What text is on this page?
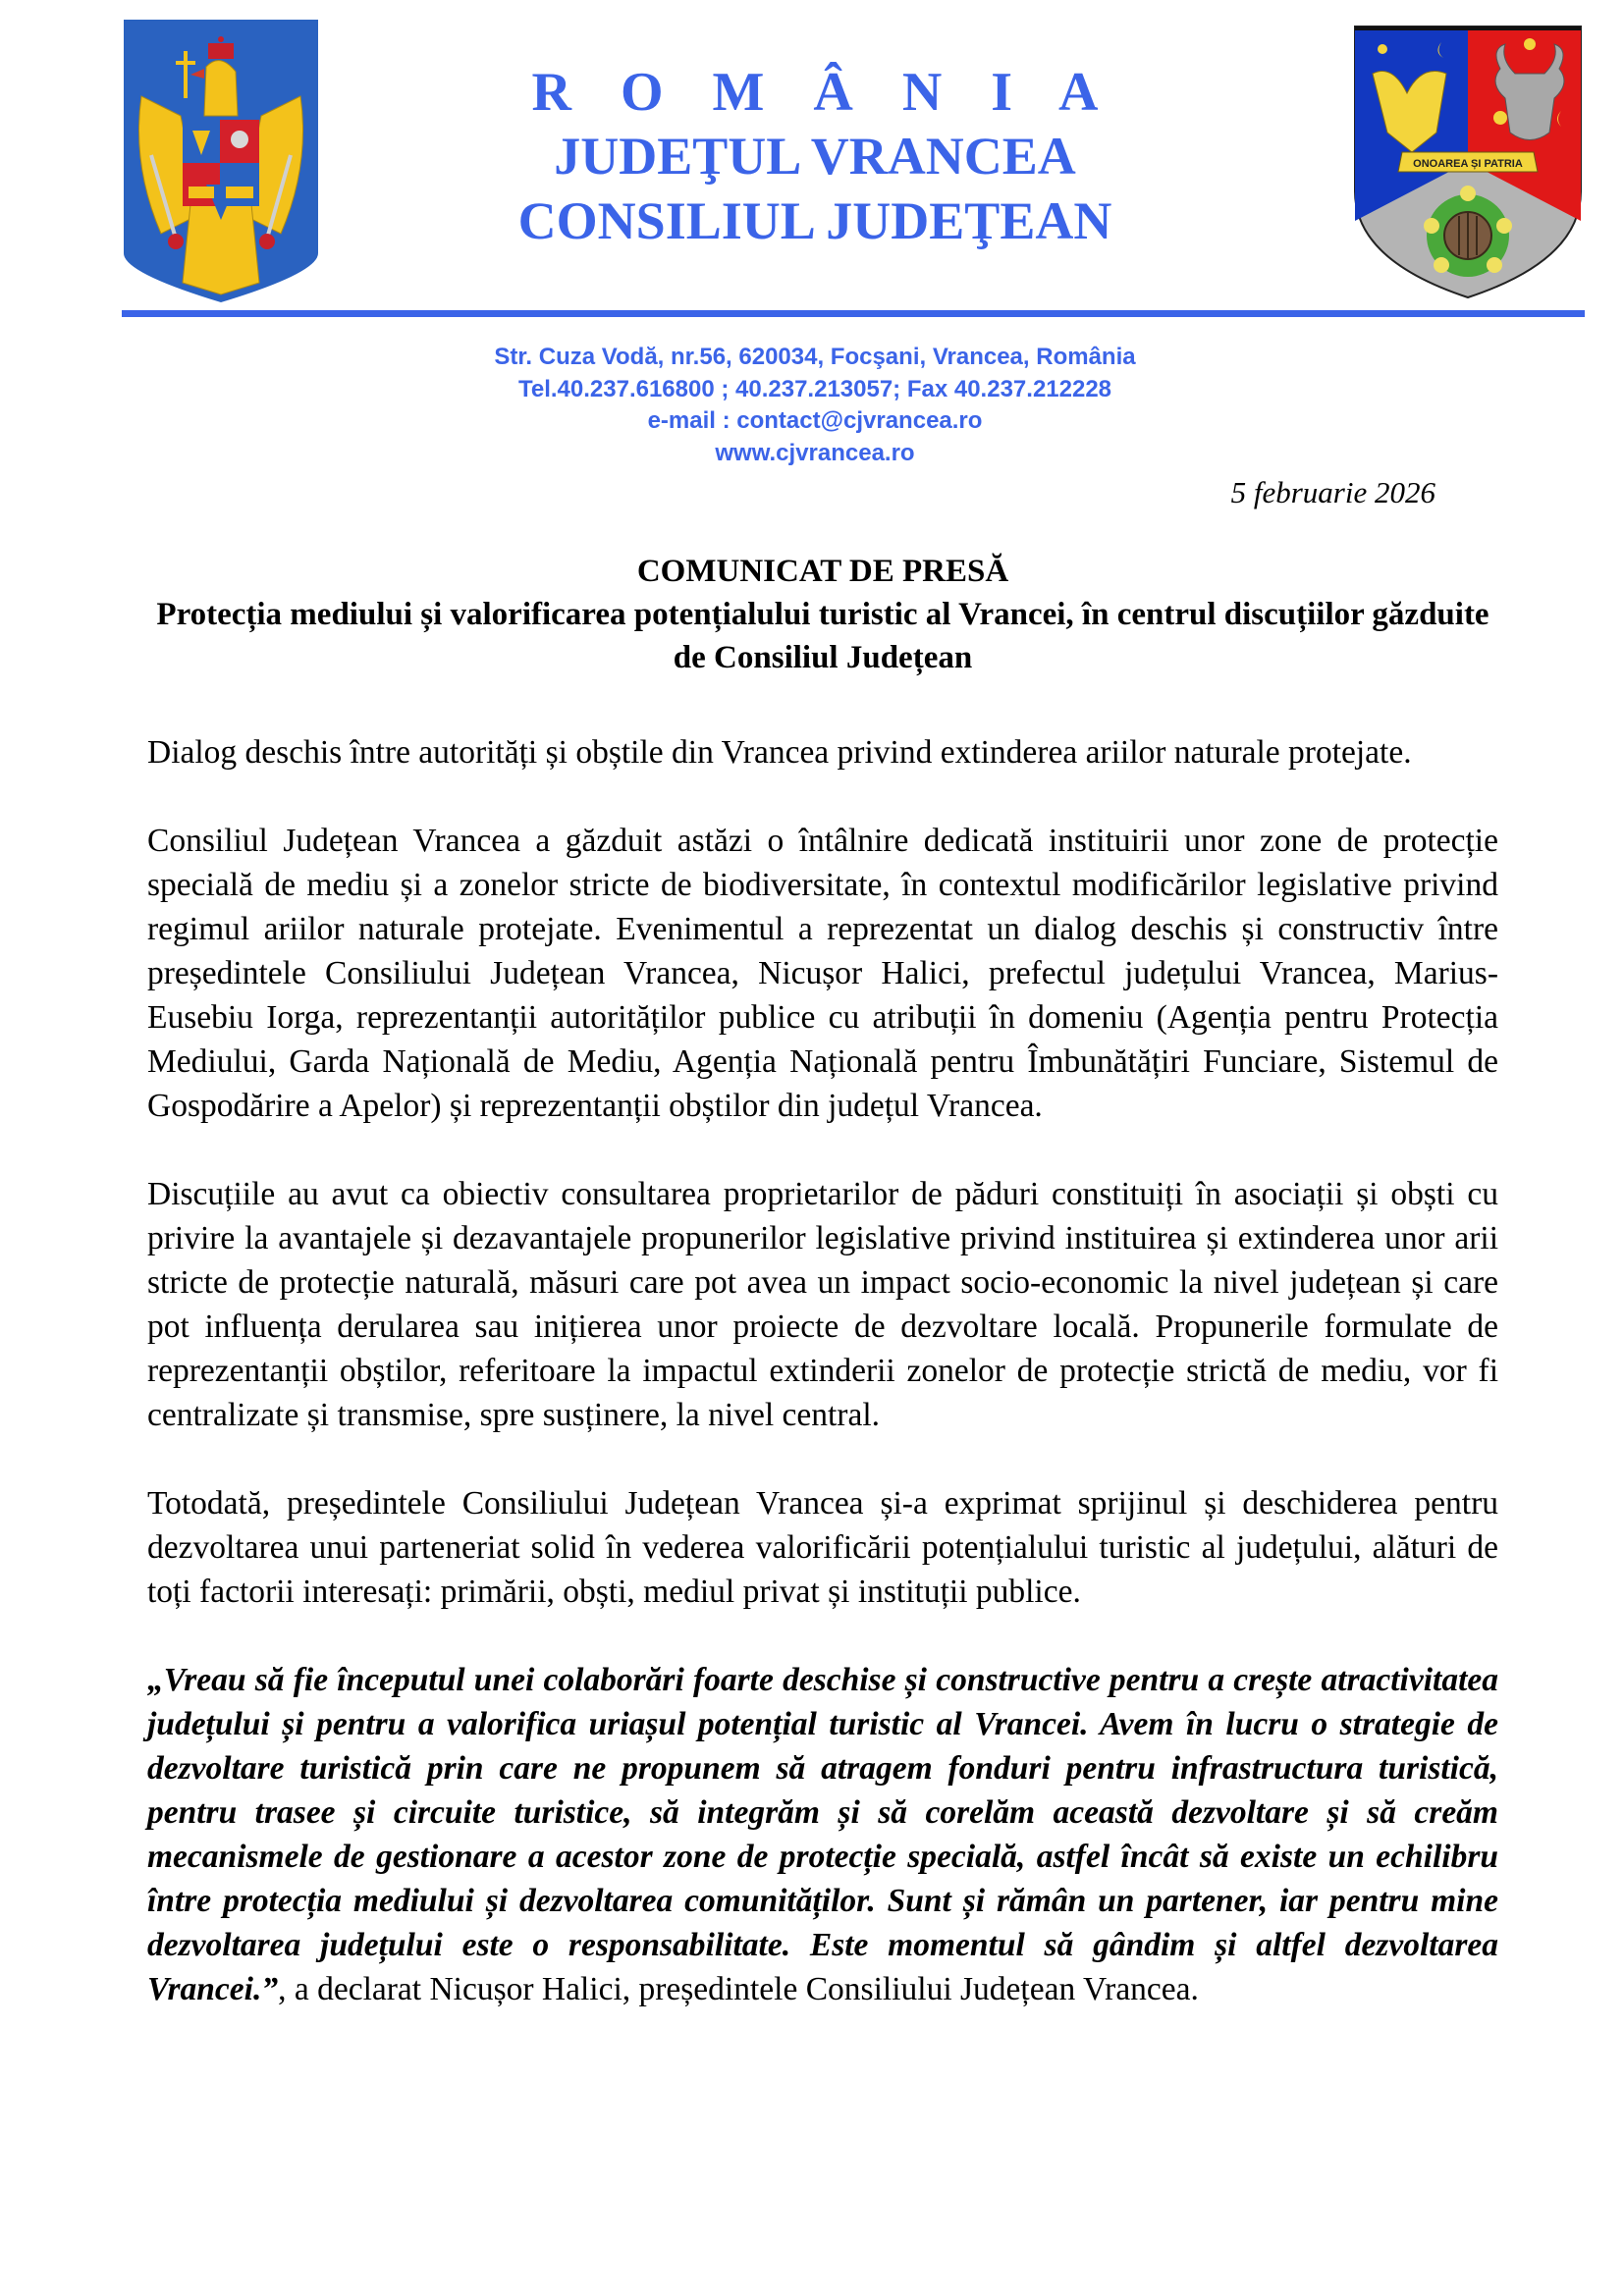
R O M Â N I A
JUDEŢUL VRANCEA
CONSILIUL JUDEŢEAN
ONOAREA ȘI PATRIA
Str. Cuza Vodă, nr.56, 620034, Focşani, Vrancea, România
Tel.40.237.616800 ; 40.237.213057; Fax 40.237.212228
e-mail : contact@cjvrancea.ro
www.cjvrancea.ro
5 februarie 2026
COMUNICAT DE PRESĂ
Protecția mediului și valorificarea potențialului turistic al Vrancei, în centrul discuțiilor găzduite de Consiliul Județean

Dialog deschis între autorități și obștile din Vrancea privind extinderea ariilor naturale protejate.

Consiliul Județean Vrancea a găzduit astăzi o întâlnire dedicată instituirii unor zone de protecție specială de mediu și a zonelor stricte de biodiversitate, în contextul modificărilor legislative privind regimul ariilor naturale protejate. Evenimentul a reprezentat un dialog deschis și constructiv între președintele Consiliului Județean Vrancea, Nicușor Halici, prefectul județului Vrancea, Marius-Eusebiu Iorga, reprezentanții autorităților publice cu atribuții în domeniu (Agenția pentru Protecția Mediului, Garda Națională de Mediu, Agenția Națională pentru Îmbunătățiri Funciare, Sistemul de Gospodărire a Apelor) și reprezentanții obștilor din județul Vrancea.

Discuțiile au avut ca obiectiv consultarea proprietarilor de păduri constituiți în asociații și obști cu privire la avantajele și dezavantajele propunerilor legislative privind instituirea și extinderea unor arii stricte de protecție naturală, măsuri care pot avea un impact socio-economic la nivel județean și care pot influența derularea sau inițierea unor proiecte de dezvoltare locală. Propunerile formulate de reprezentanții obștilor, referitoare la impactul extinderii zonelor de protecție strictă de mediu, vor fi centralizate și transmise, spre susținere, la nivel central.

Totodată, președintele Consiliului Județean Vrancea și-a exprimat sprijinul și deschiderea pentru dezvoltarea unui parteneriat solid în vederea valorificării potențialului turistic al județului, alături de toți factorii interesați: primării, obști, mediul privat și instituții publice.

„Vreau să fie începutul unei colaborări foarte deschise și constructive pentru a crește atractivitatea județului și pentru a valorifica uriașul potențial turistic al Vrancei. Avem în lucru o strategie de dezvoltare turistică prin care ne propunem să atragem fonduri pentru infrastructura turistică, pentru trasee și circuite turistice, să integrăm și să corelăm această dezvoltare și să creăm mecanismele de gestionare a acestor zone de protecție specială, astfel încât să existe un echilibru între protecția mediului și dezvoltarea comunităților. Sunt și rămân un partener, iar pentru mine dezvoltarea județului este o responsabilitate. Este momentul să gândim și altfel dezvoltarea Vrancei.”, a declarat Nicușor Halici, președintele Consiliului Județean Vrancea.
